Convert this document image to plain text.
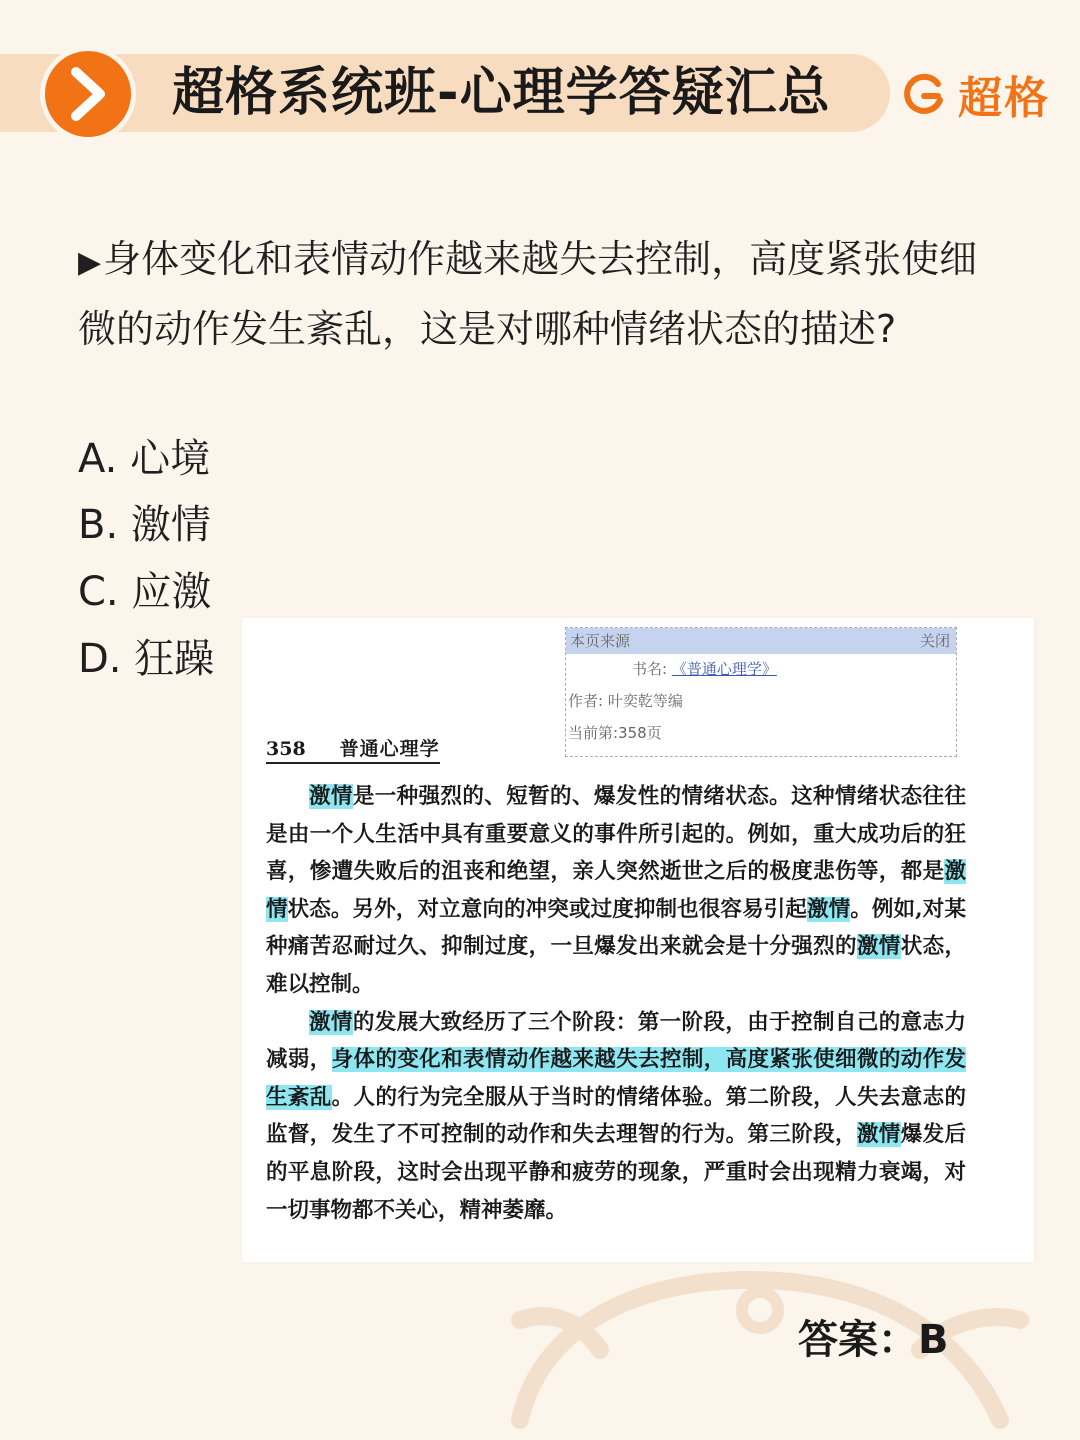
超格系统班-心理学答疑汇总	超格

▶身体变化和表情动作越来越失去控制，高度紧张使细微的动作发生紊乱，这是对哪种情绪状态的描述?

A. 心境
B. 激情
C. 应激
D. 狂躁	本页来源	关闭
书名: 《普通心理学》
作者: 叶奕乾等编
当前第:358页
358 普通心理学

激情是一种强烈的、短暂的、爆发性的情绪状态。这种情绪状态往往是由一个人生活中具有重要意义的事件所引起的。例如，重大成功后的狂喜，惨遭失败后的沮丧和绝望，亲人突然逝世之后的极度悲伤等，都是激情状态。另外，对立意向的冲突或过度抑制也很容易引起激情。例如,对某种痛苦忍耐过久、抑制过度，一旦爆发出来就会是十分强烈的激情状态，难以控制。

激情的发展大致经历了三个阶段：第一阶段，由于控制自己的意志力减弱，身体的变化和表情动作越来越失去控制，高度紧张使细微的动作发生紊乱。人的行为完全服从于当时的情绪体验。第二阶段，人失去意志的监督，发生了不可控制的动作和失去理智的行为。第三阶段，激情爆发后的平息阶段，这时会出现平静和疲劳的现象，严重时会出现精力衰竭，对一切事物都不关心，精神萎靡。

答案：B
